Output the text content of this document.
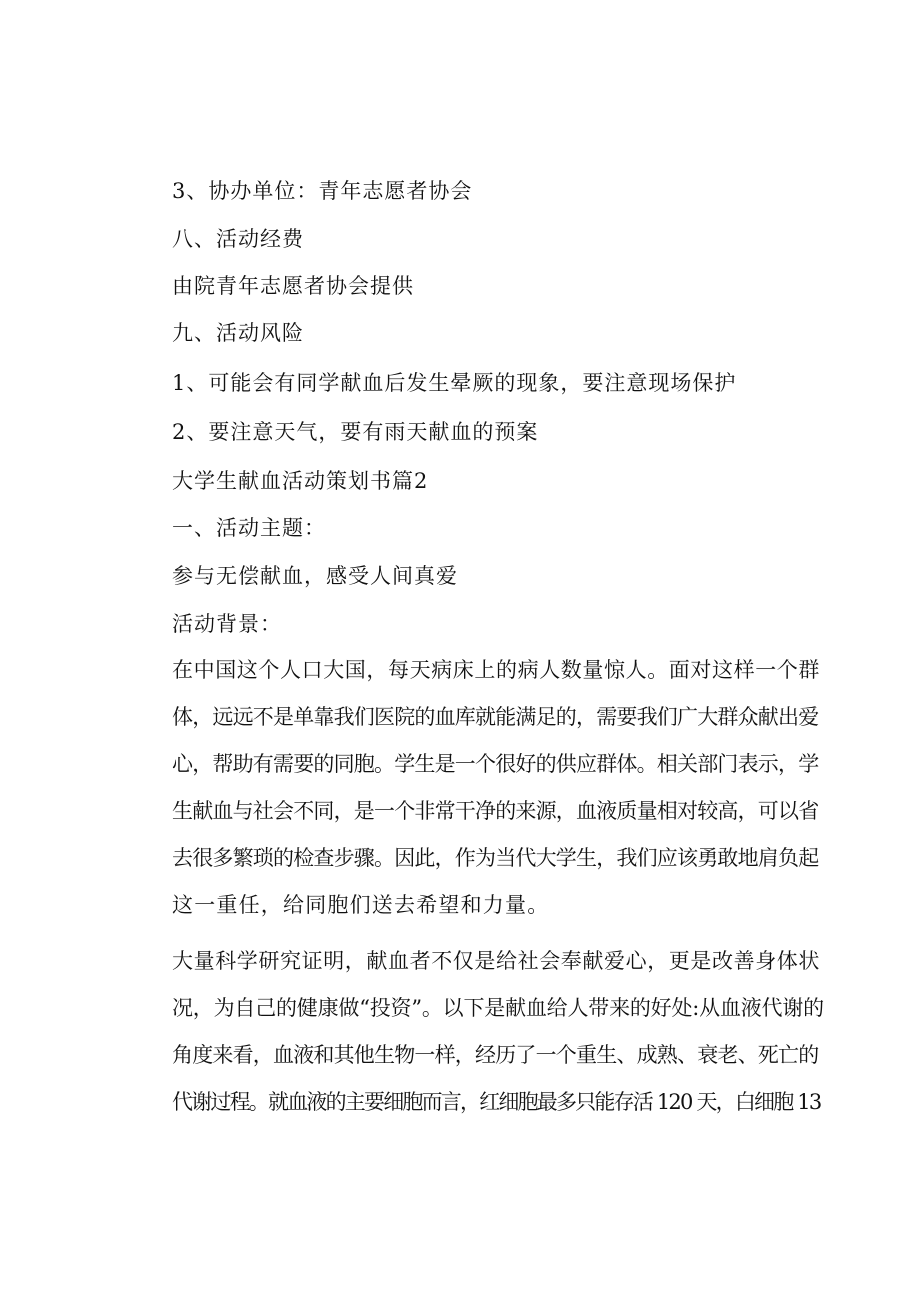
3、协办单位：青年志愿者协会
八、活动经费
由院青年志愿者协会提供
九、活动风险
1、可能会有同学献血后发生晕厥的现象，要注意现场保护
2、要注意天气，要有雨天献血的预案
大学生献血活动策划书篇2
一、活动主题：
参与无偿献血，感受人间真爱
活动背景：
在中国这个人口大国，每天病床上的病人数量惊人。面对这样一个群
体，远远不是单靠我们医院的血库就能满足的，需要我们广大群众献出爱
心，帮助有需要的同胞。学生是一个很好的供应群体。相关部门表示，学
生献血与社会不同，是一个非常干净的来源，血液质量相对较高，可以省
去很多繁琐的检查步骤。因此，作为当代大学生，我们应该勇敢地肩负起
这一重任，给同胞们送去希望和力量。
大量科学研究证明，献血者不仅是给社会奉献爱心，更是改善身体状
况，为自己的健康做“投资”。以下是献血给人带来的好处:从血液代谢的
角度来看，血液和其他生物一样，经历了一个重生、成熟、衰老、死亡的
代谢过程。就血液的主要细胞而言，红细胞最多只能存活 120 天，白细胞 13
